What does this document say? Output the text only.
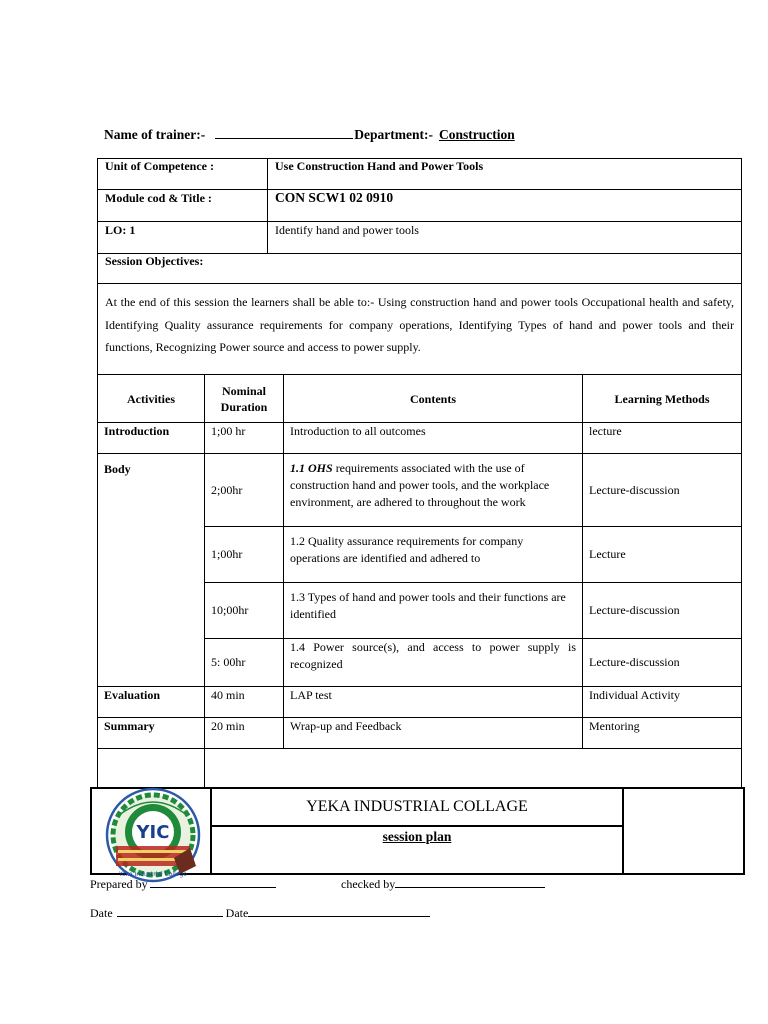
Name of trainer:-	Department:- Construction
Unit of Competence :	Use Construction Hand and Power Tools
Module cod & Title :	CON SCW1 02 0910
LO: 1	Identify hand and power tools
Session Objectives:	
At the end of this session the learners shall be able to:- Using construction hand and power tools Occupational health and safety, Identifying Quality assurance requirements for company operations, Identifying Types of hand and power tools and their functions, Recognizing Power source and access to power supply.	
Activities	Nominal Duration	Contents	Learning Methods
Introduction	1;00 hr	Introduction to all outcomes	lecture
Body	2;00hr	1.1 OHS requirements associated with the use of construction hand and power tools, and the workplace environment, are adhered to throughout the work	Lecture-discussion
	1;00hr	1.2 Quality assurance requirements for company operations are identified and adhered to	Lecture
	10;00hr	1.3 Types of hand and power tools and their functions are identified	Lecture-discussion
	5: 00hr	1.4 Power source(s), and access to power supply is recognized	Lecture-discussion
Evaluation	40 min	LAP test	Individual Activity
Summary	20 min	Wrap-up and Feedback	Mentoring

	YEKA INDUSTRIAL COLLAGE	
session plan
YIC
Yeka Industrial College
Prepared by	checked by
Date	Date
